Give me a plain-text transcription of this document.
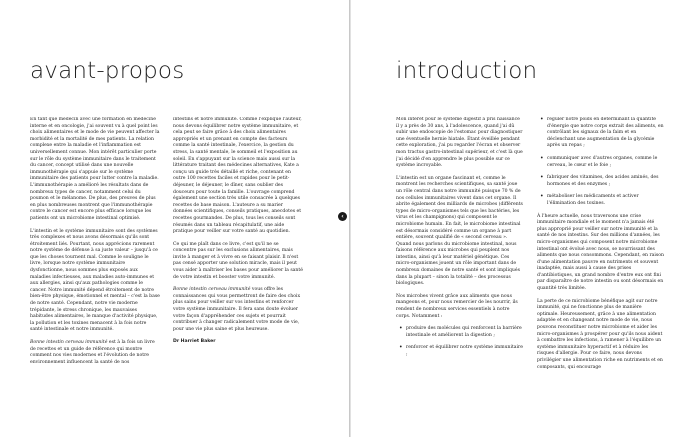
avant-propos

En tant que médecin avec une formation en médecine interne et en oncologie, j'ai souvent vu à quel point les choix alimentaires et le mode de vie peuvent affecter la morbidité et la mortalité de mes patients. La relation complexe entre la maladie et l'inflammation est universellement connue. Mon intérêt particulier porte sur le rôle du système immunitaire dans le traitement du cancer, concept utilisé dans une nouvelle immunothérapie qui s'appuie sur le système immunitaire des patients pour lutter contre la maladie. L'immunothérapie a amélioré les résultats dans de nombreux types de cancer, notamment celui du poumon et le mélanome. De plus, des preuves de plus en plus nombreuses montrent que l'immunothérapie contre le cancer est encore plus efficace lorsque les patients ont un microbiome intestinal optimisé.

L'intestin et le système immunitaire sont des systèmes très complexes et nous avons désormais qu'ils sont étroitement liés. Pourtant, nous apprécions rarement notre système de défense à sa juste valeur – jusqu'à ce que les choses tournent mal. Comme le souligne le livre, lorsque notre système immunitaire dysfonctionne, nous sommes plus exposés aux maladies infectieuses, aux maladies auto-immunes et aux allergies, ainsi qu'aux pathologies comme le cancer. Notre immunité dépend étroitement de notre bien-être physique, émotionnel et mental – c'est la base de notre santé. Cependant, notre vie moderne trépidante, le stress chronique, les mauvaises habitudes alimentaires, le manque d'activité physique, la pollution et les toxines menacent à la fois notre santé intestinale et notre immunité.

Bonne intestin cerveau immunité est à la fois un livre de recettes et un guide de référence qui montre comment nos vies modernes et l'évolution de notre environnement influencent la santé de nos

intestins et notre immunité. Comme l'explique l'auteur, nous devons équilibrer notre système immunitaire, et cela peut se faire grâce à des choix alimentaires appropriés et un prenant en compte des facteurs comme la santé intestinale, l'exercice, la gestion du stress, la santé mentale, le sommeil et l'exposition au soleil. En s'appuyant sur la science mais aussi sur la littérature traitant des médecines alternatives, Kate a conçu un guide très détaillé et riche, contenant en outre 100 recettes faciles et rapides pour le petit-déjeuner, le déjeuner, le dîner, sans oublier des douceurs pour toute la famille. L'ouvrage comprend également une section très utile consacrée à quelques recettes de base maison. L'auteure a su marier données scientifiques, conseils pratiques, anecdotes et recettes gourmandes. De plus, tous les conseils sont résumés dans un tableau récapitulatif, une aide pratique pour veiller sur votre santé au quotidien.

Ce qui me plaît dans ce livre, c'est qu'il ne se concentre pas sur les exclusions alimentaires, mais invite à manger et à vivre en se faisant plaisir. Il n'est pas censé apporter une solution miracle, mais il peut vous aider à maîtriser les bases pour améliorer la santé de votre intestin et booster votre immunité.

Bonne intestin cerveau immunité vous offre les connaissances qui vous permettront de faire des choix plus sains pour veiller sur vos intestins et renforcer votre système immunitaire. Il fera sans doute évoluer votre façon d'appréhender ces sujets et pourrait contribuer à changer radicalement votre mode de vie, pour une vie plus saine et plus heureuse.

Dr Harriet Baker

‹
introduction

Mon intérêt pour le système digestif a pris naissance il y a près de 30 ans, à l'adolescence, quand j'ai dû subir une endoscopie de l'estomac pour diagnostiquer une éventuelle hernie hiatale. Étant éveillée pendant cette exploration, j'ai pu regarder l'écran et observer mon tractus gastro-intestinal supérieur, et c'est là que j'ai décidé d'en apprendre le plus possible sur ce système incroyable.

L'intestin est un organe fascinant et, comme le montrent les recherches scientifiques, sa santé joue un rôle central dans notre immunité puisque 70 % de nos cellules immunitaires vivent dans cet organe. Il abrite également des milliards de microbes (différents types de micro-organismes tels que les bactéries, les virus et les champignons) qui composent le microbiome humain. En fait, le microbiome intestinal est désormais considéré comme un organe à part entière, souvent qualifié de « second cerveau ». Quand nous parlons du microbiome intestinal, nous faisons référence aux microbes qui peuplent nos intestins, ainsi qu'à leur matériel génétique. Ces micro-organismes jouent un rôle important dans de nombreux domaines de notre santé et sont impliqués dans la plupart – sinon la totalité – des processus biologiques.

Nos microbes vivent grâce aux aliments que nous mangeons et, pour nous remercier de les nourrir, ils rendent de nombreux services essentiels à notre corps. Notamment :

• produire des molécules qui renforcent la barrière intestinale et améliorent la digestion ;
• renforcer et équilibrer notre système immunitaire ;
• réguler notre poids en déterminant la quantité d'énergie que notre corps extrait des aliments, en contrôlant les signaux de la faim et en déclenchant une augmentation de la glycémie après un repas ;
• communiquer avec d'autres organes, comme le cerveau, le cœur et le foie ;
• fabriquer des vitamines, des acides aminés, des hormones et des enzymes ;
• métaboliser les médicaments et activer l'élimination des toxines.

À l'heure actuelle, nous traversons une crise immunitaire mondiale et le moment n'a jamais été plus approprié pour veiller sur notre immunité et la santé de nos intestins. Sur des millions d'années, les micro-organismes qui composent notre microbiome intestinal ont évolué avec nous, se nourrissant des aliments que nous consommons. Cependant, en raison d'une alimentation pauvre en nutriments et souvent inadaptée, mais aussi à cause des prises d'antibiotiques, un grand nombre d'entre eux ont fini par disparaître de notre intestin ou sont désormais en quantité très limitée.

La perte de ce microbiome bénéfique agit sur notre immunité, qui ne fonctionne plus de manière optimale. Heureusement, grâce à une alimentation adaptée et en changeant notre mode de vie, nous pouvons reconstituer notre microbiome et aider les micro-organismes à prospérer pour qu'ils nous aident à combattre les infections, à ramener à l'équilibre un système immunitaire hyperactif et à réduire les risques d'allergie. Pour ce faire, nous devons privilégier une alimentation riche en nutriments et en composants, qui encourage
